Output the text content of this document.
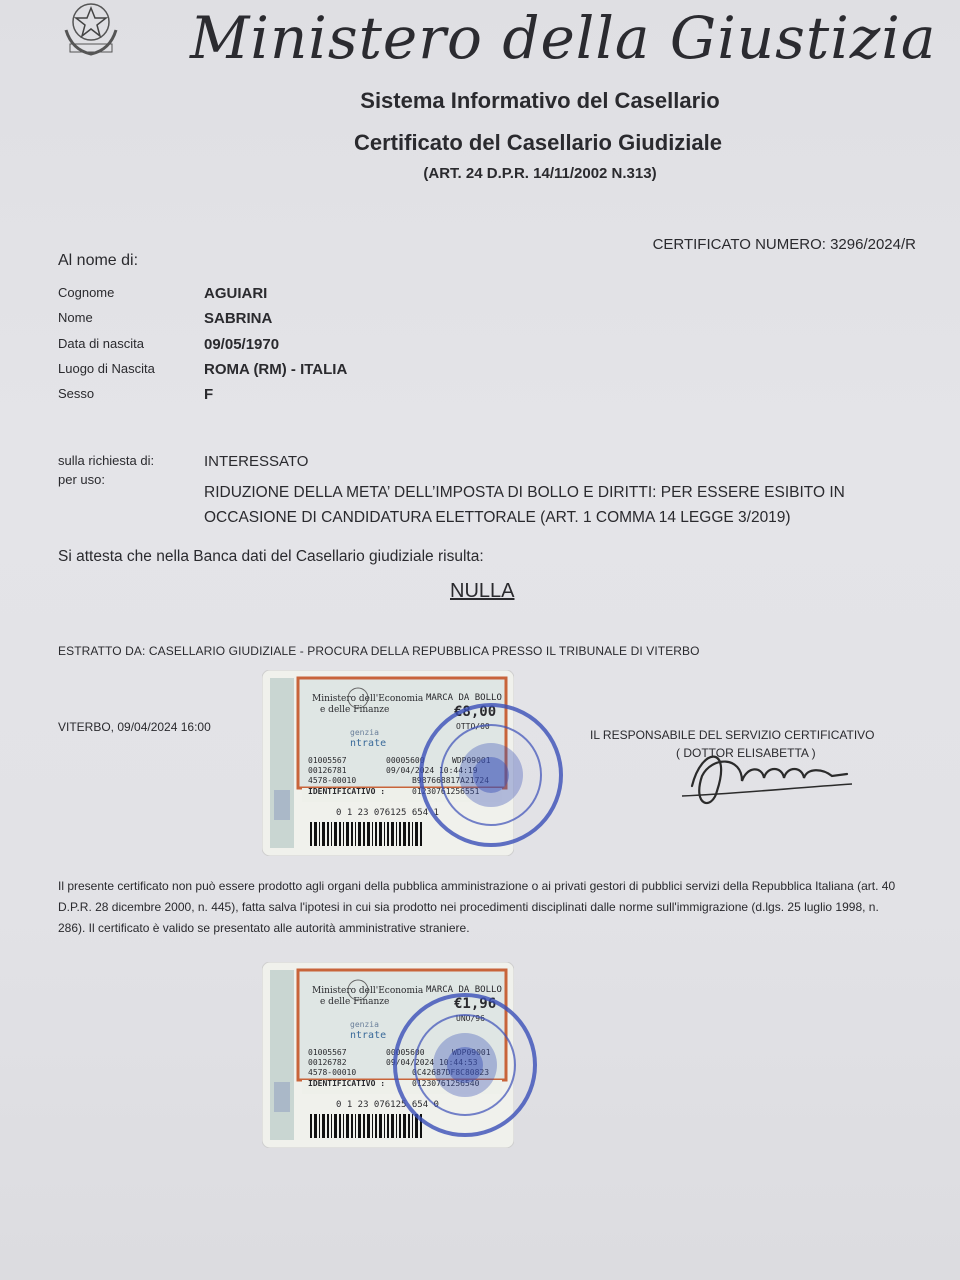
Ministero della Giustizia
Sistema Informativo del Casellario
Certificato del Casellario Giudiziale
(ART. 24 D.P.R. 14/11/2002 N.313)
CERTIFICATO NUMERO: 3296/2024/R
Al nome di:
Cognome	AGUIARI
Nome	SABRINA
Data di nascita	09/05/1970
Luogo di Nascita	ROMA (RM) - ITALIA
Sesso	F
sulla richiesta di:	INTERESSATO
per uso:
RIDUZIONE DELLA META’ DELL’IMPOSTA DI BOLLO E DIRITTI: PER ESSERE ESIBITO IN OCCASIONE DI CANDIDATURA ELETTORALE (ART. 1 COMMA 14 LEGGE 3/2019)
Si attesta che nella Banca dati del Casellario giudiziale risulta:
NULLA
ESTRATTO DA: CASELLARIO GIUDIZIALE - PROCURA DELLA REPUBBLICA PRESSO IL TRIBUNALE DI VITERBO
VITERBO, 09/04/2024 16:00
IL RESPONSABILE DEL SERVIZIO CERTIFICATIVO
( DOTTOR ELISABETTA )
Il presente certificato non può essere prodotto agli organi della pubblica amministrazione o ai privati gestori di pubblici servizi della Repubblica Italiana (art. 40 D.P.R. 28 dicembre 2000, n. 445), fatta salva l'ipotesi in cui sia prodotto nei procedimenti disciplinati dalle norme sull'immigrazione (d.lgs. 25 luglio 1998, n. 286). Il certificato è valido se presentato alle autorità amministrative straniere.
Ministero dell'Economia
e delle Finanze
MARCA DA BOLLO
€8,00
OTTO/00
genzia
ntrate
01005567	00005600	WDP09001
00126781	09/04/2024 10:44:19
4578-00010	B987668817A21724
IDENTIFICATIVO :	01230761256551
0 1 23 076125 654 1
Ministero dell'Economia
e delle Finanze
MARCA DA BOLLO
€1,96
UNO/96
genzia
ntrate
01005567	00005600	WDP09001
00126782	09/04/2024 10:44:53
4578-00010	0C42687DF8C80823
IDENTIFICATIVO :	01230761256540
0 1 23 076125 654 0
